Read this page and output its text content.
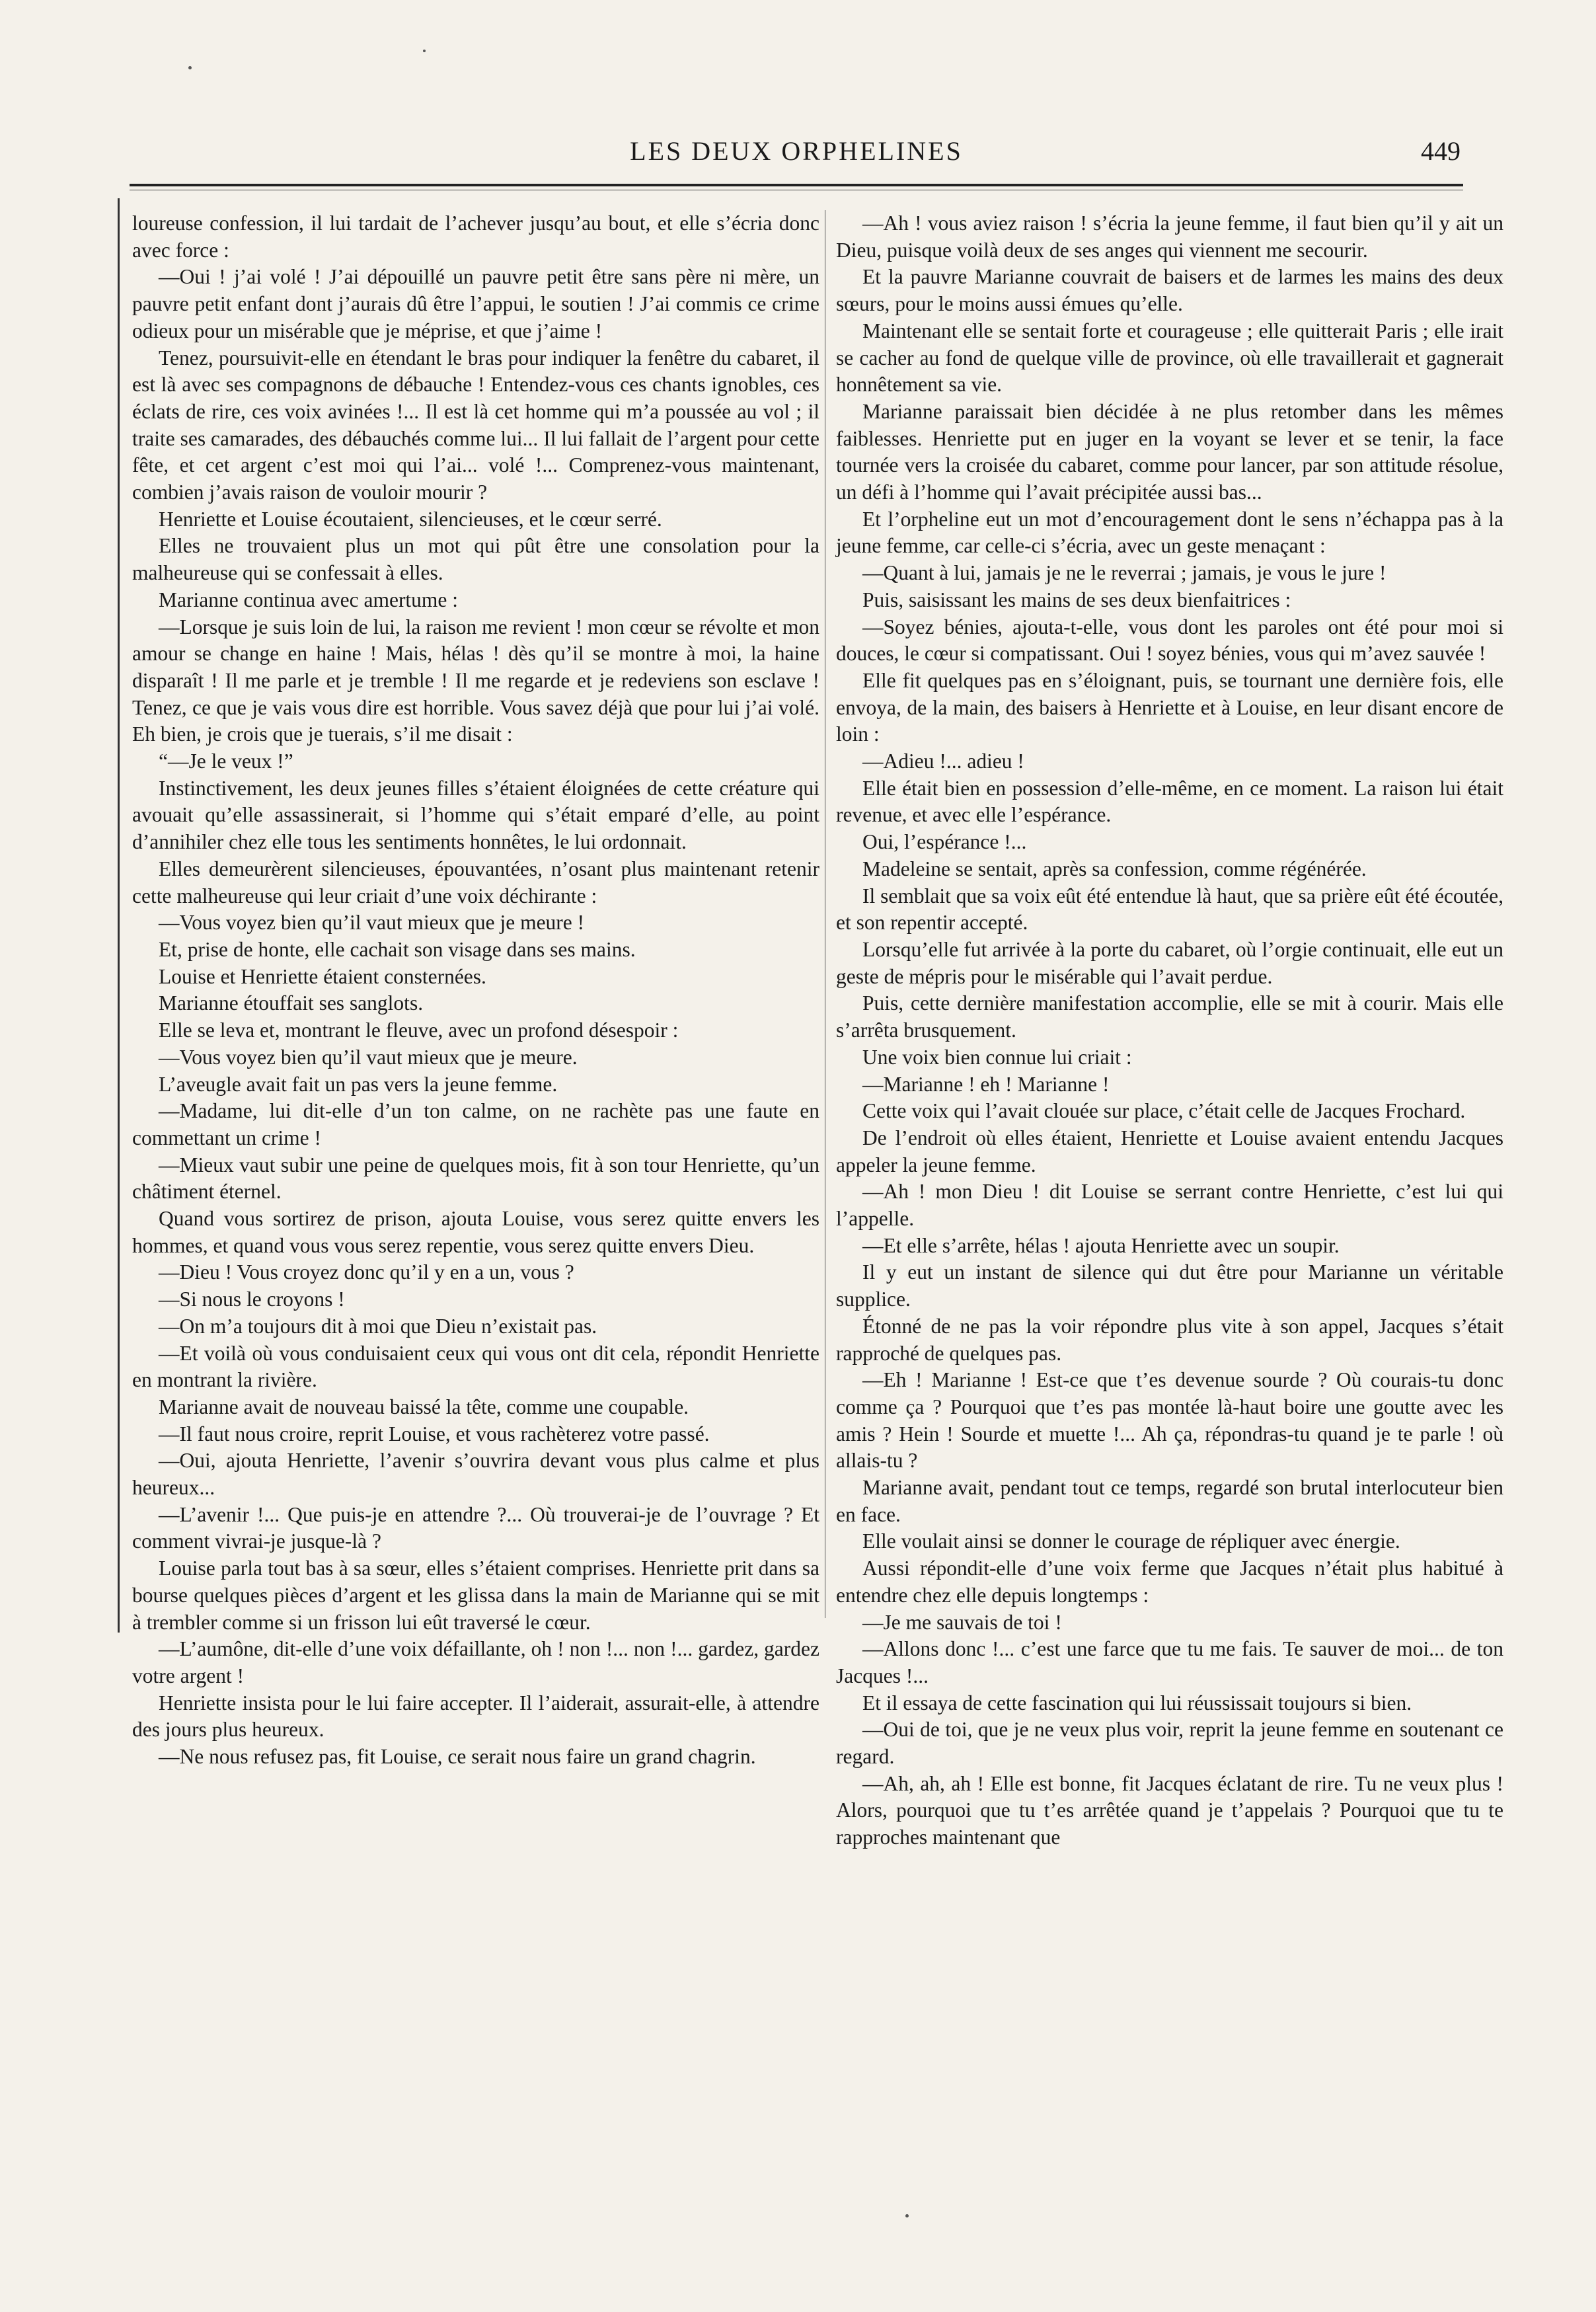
LES DEUX ORPHELINES	449

loureuse confession, il lui tardait de l’achever jusqu’au bout, et elle s’écria donc avec force :

—Oui ! j’ai volé ! J’ai dépouillé un pauvre petit être sans père ni mère, un pauvre petit enfant dont j’aurais dû être l’appui, le soutien ! J’ai commis ce crime odieux pour un misérable que je méprise, et que j’aime !

Tenez, poursuivit-elle en étendant le bras pour indiquer la fenêtre du cabaret, il est là avec ses compagnons de débauche ! Entendez-vous ces chants ignobles, ces éclats de rire, ces voix avinées !... Il est là cet homme qui m’a poussée au vol ; il traite ses camarades, des débauchés comme lui... Il lui fallait de l’argent pour cette fête, et cet argent c’est moi qui l’ai... volé !... Comprenez-vous maintenant, combien j’avais raison de vouloir mourir ?

Henriette et Louise écoutaient, silencieuses, et le cœur serré.

Elles ne trouvaient plus un mot qui pût être une consolation pour la malheureuse qui se confessait à elles.

Marianne continua avec amertume :

—Lorsque je suis loin de lui, la raison me revient ! mon cœur se révolte et mon amour se change en haine ! Mais, hélas ! dès qu’il se montre à moi, la haine disparaît ! Il me parle et je tremble ! Il me regarde et je redeviens son esclave ! Tenez, ce que je vais vous dire est horrible. Vous savez déjà que pour lui j’ai volé. Eh bien, je crois que je tuerais, s’il me disait :

“—Je le veux !”

Instinctivement, les deux jeunes filles s’étaient éloignées de cette créature qui avouait qu’elle assassinerait, si l’homme qui s’était emparé d’elle, au point d’annihiler chez elle tous les sentiments honnêtes, le lui ordonnait.

Elles demeurèrent silencieuses, épouvantées, n’osant plus maintenant retenir cette malheureuse qui leur criait d’une voix déchirante :

—Vous voyez bien qu’il vaut mieux que je meure !

Et, prise de honte, elle cachait son visage dans ses mains.

Louise et Henriette étaient consternées.

Marianne étouffait ses sanglots.

Elle se leva et, montrant le fleuve, avec un profond désespoir :

—Vous voyez bien qu’il vaut mieux que je meure.

L’aveugle avait fait un pas vers la jeune femme.

—Madame, lui dit-elle d’un ton calme, on ne rachète pas une faute en commettant un crime !

—Mieux vaut subir une peine de quelques mois, fit à son tour Henriette, qu’un châtiment éternel.

Quand vous sortirez de prison, ajouta Louise, vous serez quitte envers les hommes, et quand vous vous serez repentie, vous serez quitte envers Dieu.

—Dieu ! Vous croyez donc qu’il y en a un, vous ?

—Si nous le croyons !

—On m’a toujours dit à moi que Dieu n’existait pas.

—Et voilà où vous conduisaient ceux qui vous ont dit cela, répondit Henriette en montrant la rivière.

Marianne avait de nouveau baissé la tête, comme une coupable.

—Il faut nous croire, reprit Louise, et vous rachèterez votre passé.

—Oui, ajouta Henriette, l’avenir s’ouvrira devant vous plus calme et plus heureux...

—L’avenir !... Que puis-je en attendre ?... Où trouverai-je de l’ouvrage ? Et comment vivrai-je jusque-là ?

Louise parla tout bas à sa sœur, elles s’étaient comprises. Henriette prit dans sa bourse quelques pièces d’argent et les glissa dans la main de Marianne qui se mit à trembler comme si un frisson lui eût traversé le cœur.

—L’aumône, dit-elle d’une voix défaillante, oh ! non !... non !... gardez, gardez votre argent !

Henriette insista pour le lui faire accepter. Il l’aiderait, assurait-elle, à attendre des jours plus heureux.

—Ne nous refusez pas, fit Louise, ce serait nous faire un grand chagrin.

—Ah ! vous aviez raison ! s’écria la jeune femme, il faut bien qu’il y ait un Dieu, puisque voilà deux de ses anges qui viennent me secourir.

Et la pauvre Marianne couvrait de baisers et de larmes les mains des deux sœurs, pour le moins aussi émues qu’elle.

Maintenant elle se sentait forte et courageuse ; elle quitterait Paris ; elle irait se cacher au fond de quelque ville de province, où elle travaillerait et gagnerait honnêtement sa vie.

Marianne paraissait bien décidée à ne plus retomber dans les mêmes faiblesses. Henriette put en juger en la voyant se lever et se tenir, la face tournée vers la croisée du cabaret, comme pour lancer, par son attitude résolue, un défi à l’homme qui l’avait précipitée aussi bas...

Et l’orpheline eut un mot d’encouragement dont le sens n’échappa pas à la jeune femme, car celle-ci s’écria, avec un geste menaçant :

—Quant à lui, jamais je ne le reverrai ; jamais, je vous le jure !

Puis, saisissant les mains de ses deux bienfaitrices :

—Soyez bénies, ajouta-t-elle, vous dont les paroles ont été pour moi si douces, le cœur si compatissant. Oui ! soyez bénies, vous qui m’avez sauvée !

Elle fit quelques pas en s’éloignant, puis, se tournant une dernière fois, elle envoya, de la main, des baisers à Henriette et à Louise, en leur disant encore de loin :

—Adieu !... adieu !

Elle était bien en possession d’elle-même, en ce moment. La raison lui était revenue, et avec elle l’espérance.

Oui, l’espérance !...

Madeleine se sentait, après sa confession, comme régénérée.

Il semblait que sa voix eût été entendue là haut, que sa prière eût été écoutée, et son repentir accepté.

Lorsqu’elle fut arrivée à la porte du cabaret, où l’orgie continuait, elle eut un geste de mépris pour le misérable qui l’avait perdue.

Puis, cette dernière manifestation accomplie, elle se mit à courir. Mais elle s’arrêta brusquement.

Une voix bien connue lui criait :

—Marianne ! eh ! Marianne !

Cette voix qui l’avait clouée sur place, c’était celle de Jacques Frochard.

De l’endroit où elles étaient, Henriette et Louise avaient entendu Jacques appeler la jeune femme.

—Ah ! mon Dieu ! dit Louise se serrant contre Henriette, c’est lui qui l’appelle.

—Et elle s’arrête, hélas ! ajouta Henriette avec un soupir.

Il y eut un instant de silence qui dut être pour Marianne un véritable supplice.

Étonné de ne pas la voir répondre plus vite à son appel, Jacques s’était rapproché de quelques pas.

—Eh ! Marianne ! Est-ce que t’es devenue sourde ? Où courais-tu donc comme ça ? Pourquoi que t’es pas montée là-haut boire une goutte avec les amis ? Hein ! Sourde et muette !... Ah ça, répondras-tu quand je te parle ! où allais-tu ?

Marianne avait, pendant tout ce temps, regardé son brutal interlocuteur bien en face.

Elle voulait ainsi se donner le courage de répliquer avec énergie.

Aussi répondit-elle d’une voix ferme que Jacques n’était plus habitué à entendre chez elle depuis longtemps :

—Je me sauvais de toi !

—Allons donc !... c’est une farce que tu me fais. Te sauver de moi... de ton Jacques !...

Et il essaya de cette fascination qui lui réussissait toujours si bien.

—Oui de toi, que je ne veux plus voir, reprit la jeune femme en soutenant ce regard.

—Ah, ah, ah ! Elle est bonne, fit Jacques éclatant de rire. Tu ne veux plus ! Alors, pourquoi que tu t’es arrêtée quand je t’appelais ? Pourquoi que tu te rapproches maintenant que
